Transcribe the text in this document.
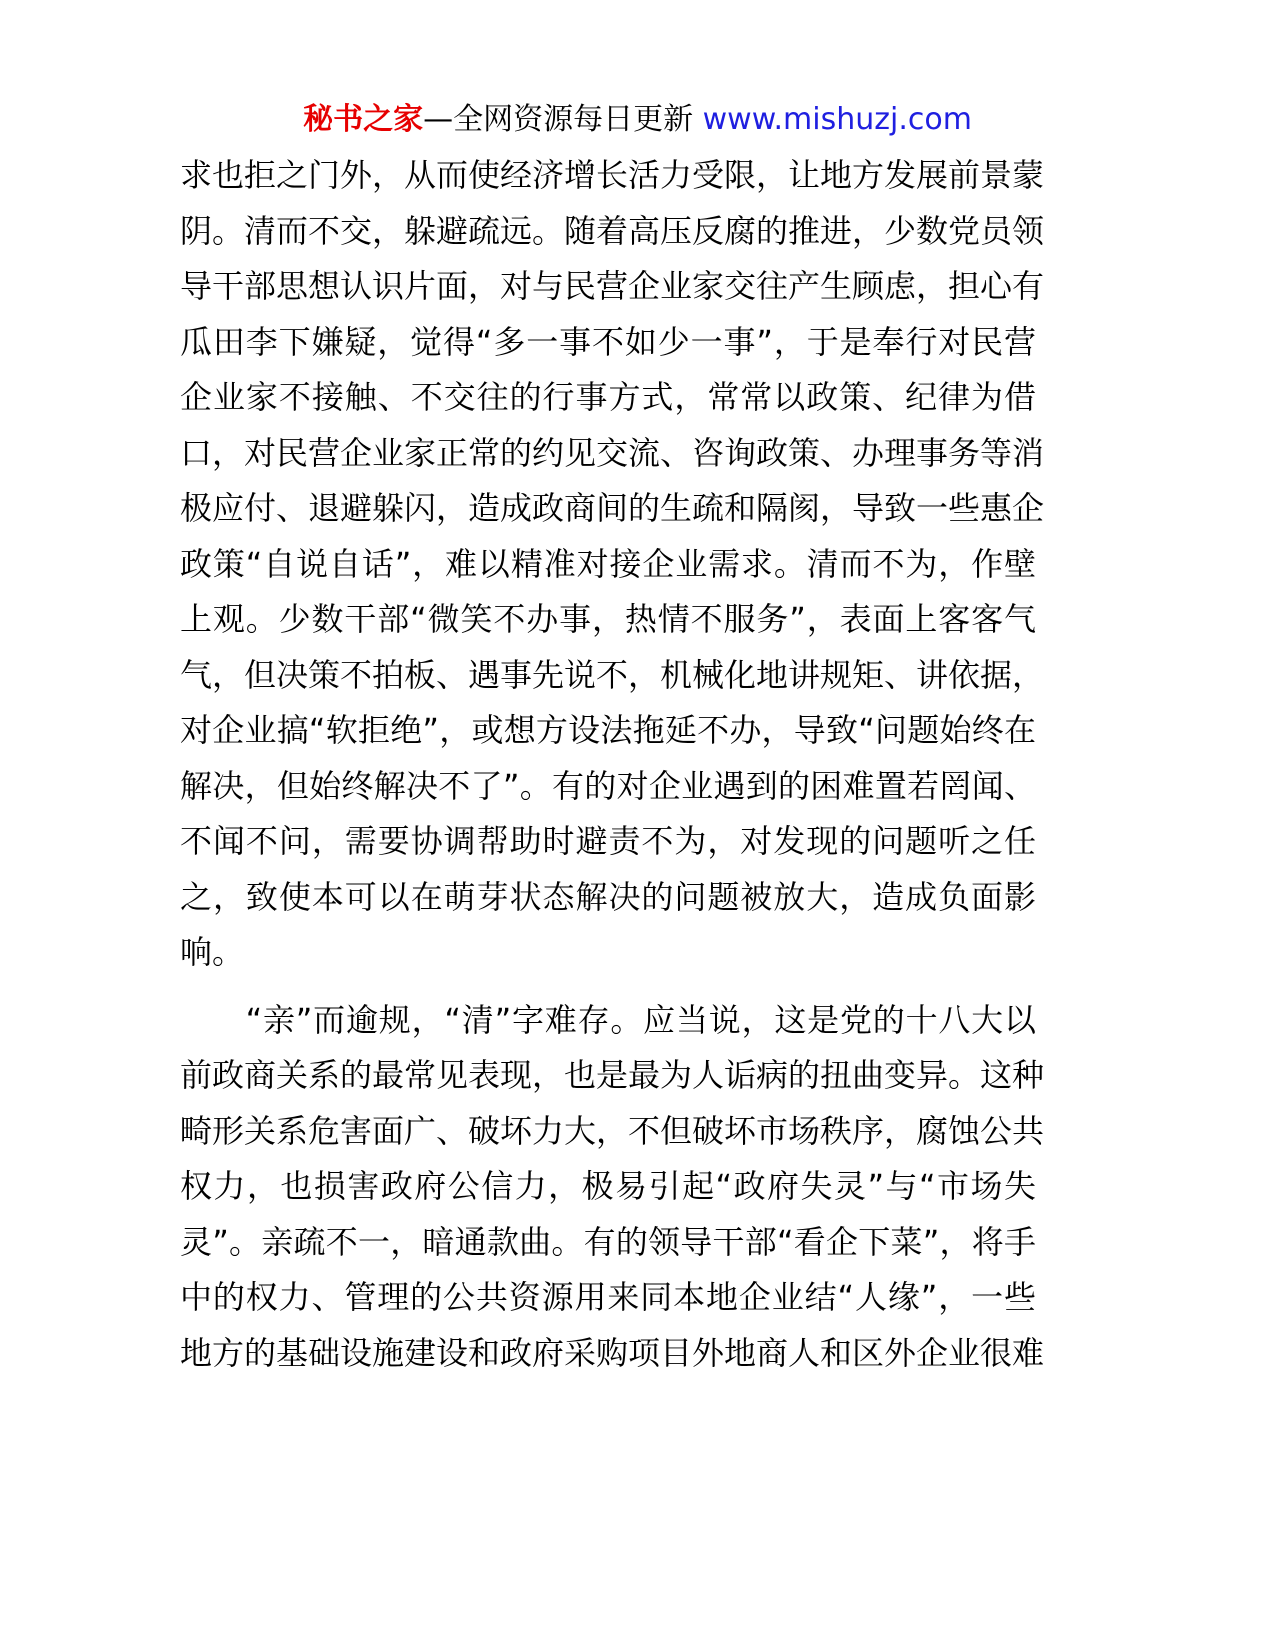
秘书之家—全网资源每日更新 www.mishuzj.com
求也拒之门外，从而使经济增长活力受限，让地方发展前景蒙
阴。清而不交，躲避疏远。随着高压反腐的推进，少数党员领
导干部思想认识片面，对与民营企业家交往产生顾虑，担心有
瓜田李下嫌疑，觉得“多一事不如少一事”，于是奉行对民营
企业家不接触、不交往的行事方式，常常以政策、纪律为借
口，对民营企业家正常的约见交流、咨询政策、办理事务等消
极应付、退避躲闪，造成政商间的生疏和隔阂，导致一些惠企
政策“自说自话”，难以精准对接企业需求。清而不为，作壁
上观。少数干部“微笑不办事，热情不服务”，表面上客客气
气，但决策不拍板、遇事先说不，机械化地讲规矩、讲依据，
对企业搞“软拒绝”，或想方设法拖延不办，导致“问题始终在
解决，但始终解决不了”。有的对企业遇到的困难置若罔闻、
不闻不问，需要协调帮助时避责不为，对发现的问题听之任
之，致使本可以在萌芽状态解决的问题被放大，造成负面影
响。
　　“亲”而逾规，“清”字难存。应当说，这是党的十八大以
前政商关系的最常见表现，也是最为人诟病的扭曲变异。这种
畸形关系危害面广、破坏力大，不但破坏市场秩序，腐蚀公共
权力，也损害政府公信力，极易引起“政府失灵”与“市场失
灵”。亲疏不一，暗通款曲。有的领导干部“看企下菜”，将手
中的权力、管理的公共资源用来同本地企业结“人缘”，一些
地方的基础设施建设和政府采购项目外地商人和区外企业很难
